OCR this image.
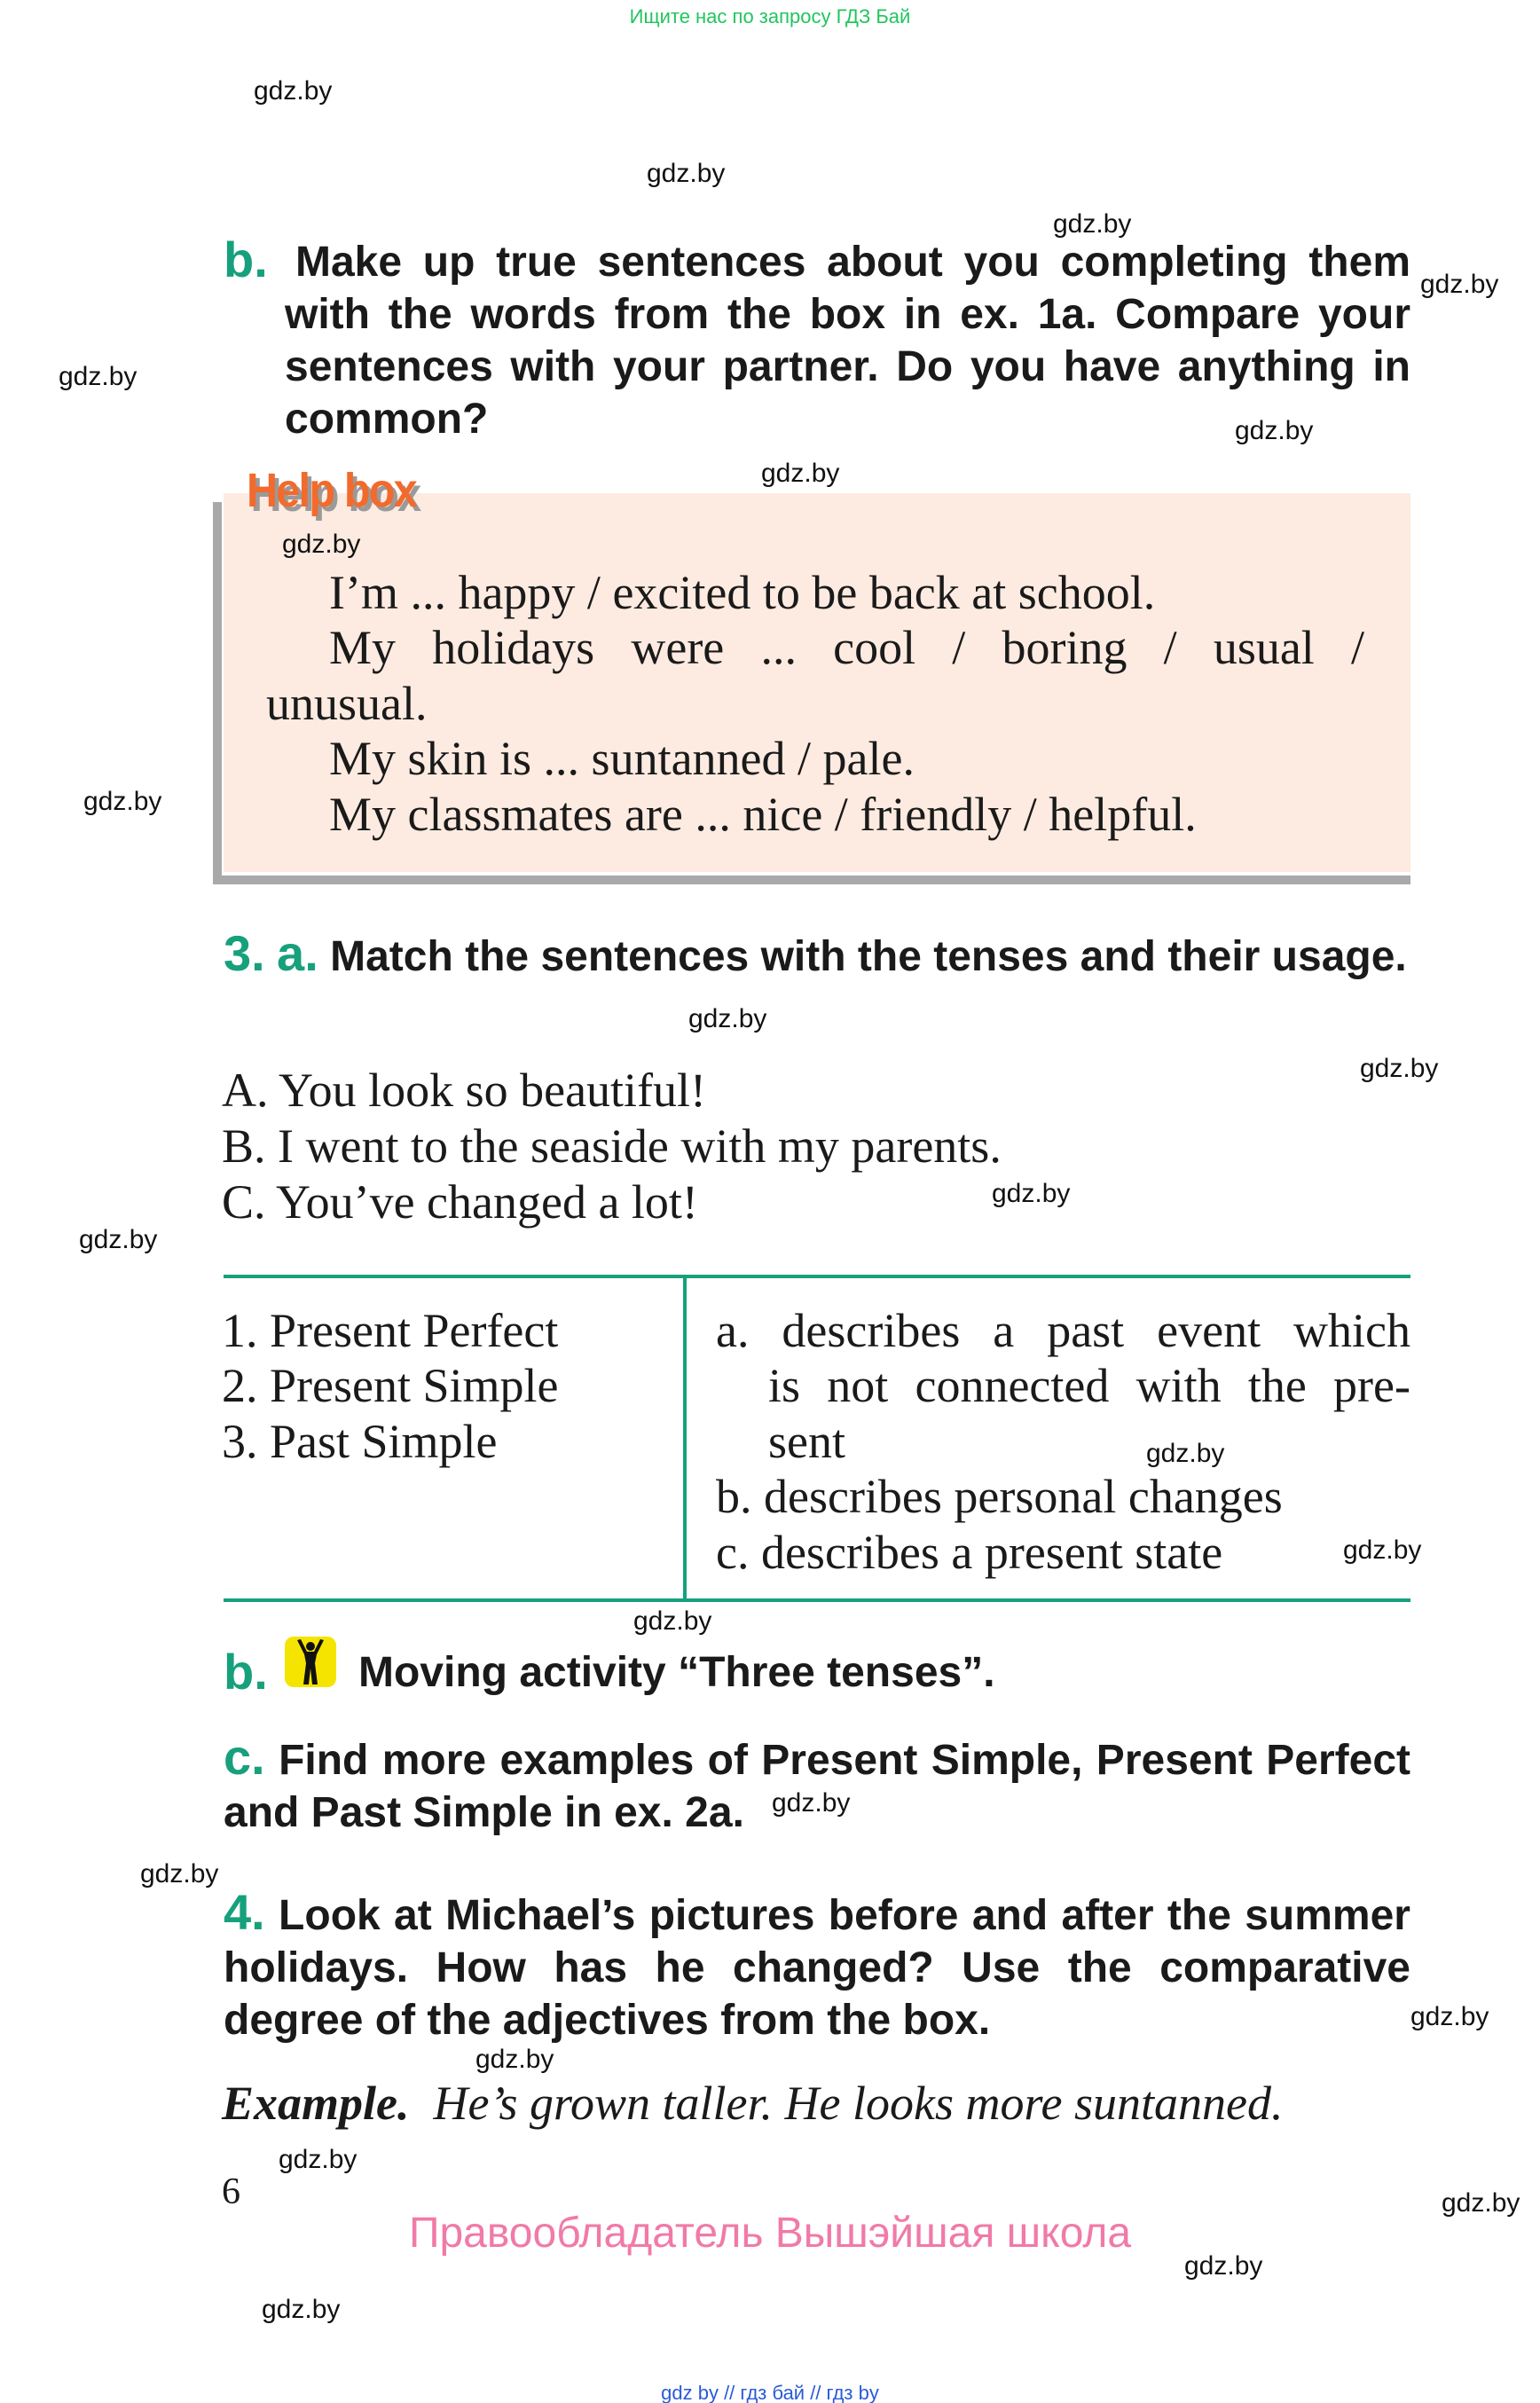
Ищите нас по запросу ГДЗ Бай
gdz.by
gdz.by
gdz.by
gdz.by
gdz.by
gdz.by
gdz.by
gdz.by
gdz.by
gdz.by
gdz.by
gdz.by
gdz.by
gdz.by
gdz.by
gdz.by
gdz.by
gdz.by
gdz.by
gdz.by
gdz.by
gdz.by
gdz.by
gdz.by
b. Make up true sentences about you completing them with the words from the box in ex. 1a. Compare your sentences with your partner. Do you have anything in common?
Help box
I’m ... happy / excited to be back at school.
My holidays were ... cool / boring / usual /
unusual.
My skin is ... suntanned / pale.
My classmates are ... nice / friendly / helpful.
3. a. Match the sentences with the tenses and their usage.
A. You look so beautiful!
B. I went to the seaside with my parents.
C. You’ve changed a lot!
1. Present Perfect
2. Present Simple
3. Past Simple
a. describes a past event which
is not connected with the pre-
sent
b. describes personal changes
c. describes a present state
b. Moving activity “Three tenses”.
c. Find more examples of Present Simple, Present Perfect and Past Simple in ex. 2a.
4. Look at Michael’s pictures before and after the summer holidays. How has he changed? Use the comparative degree of the adjectives from the box.
Example. He’s grown taller. He looks more suntanned.
6
Правообладатель Вышэйшая школа
gdz by // гдз бай // гдз by
